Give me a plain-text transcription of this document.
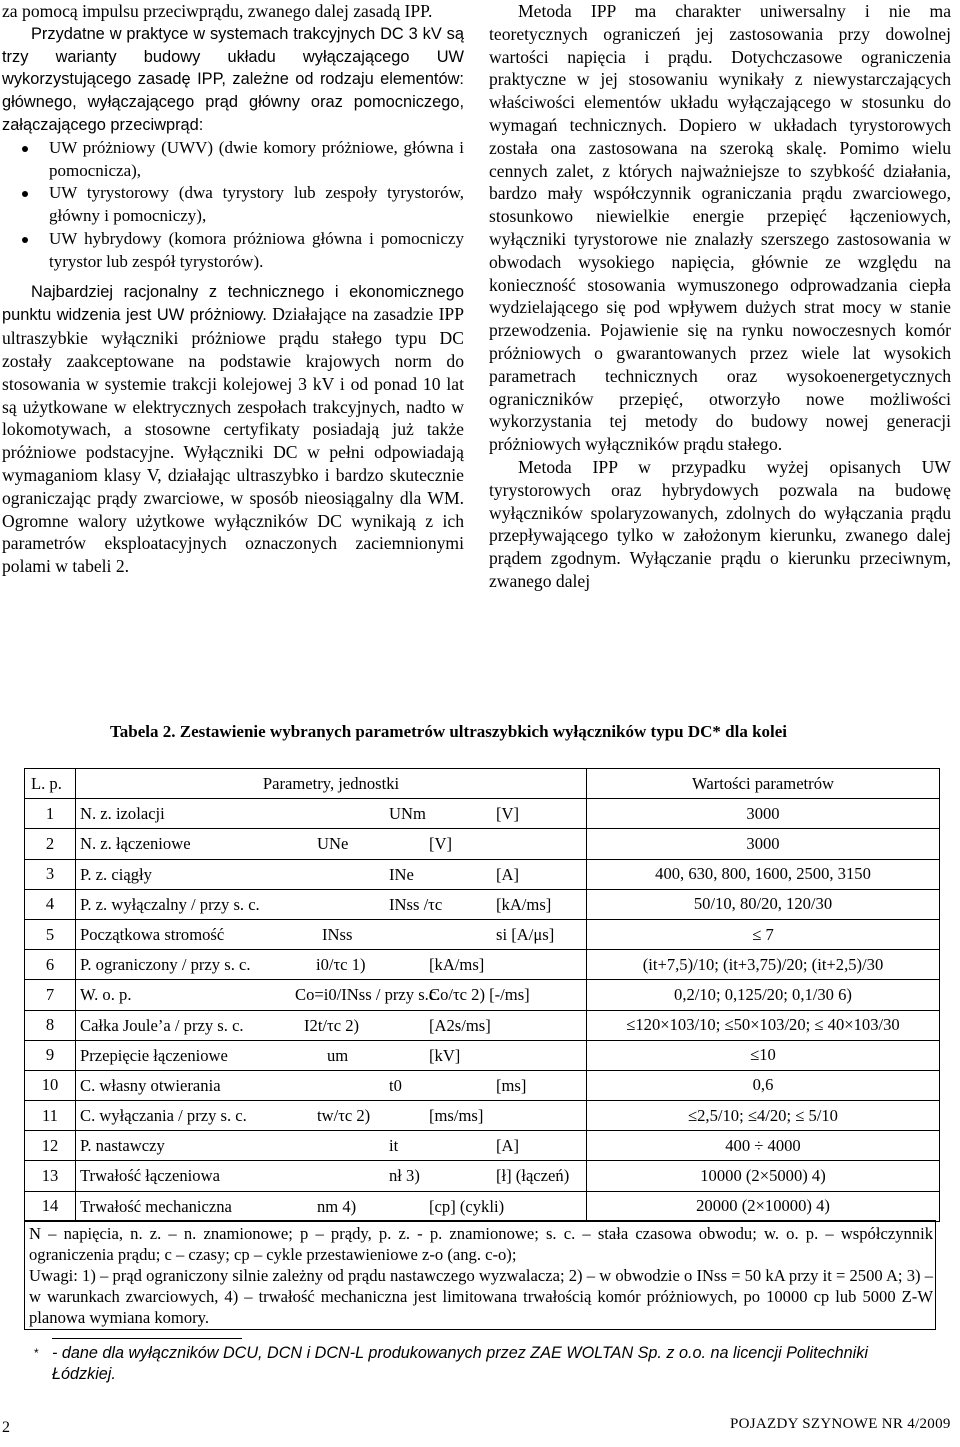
za pomocą impulsu przeciwprądu, zwanego dalej zasadą IPP.

Przydatne w praktyce w systemach trakcyjnych DC 3 kV są trzy warianty budowy układu wyłączającego UW wykorzystującego zasadę IPP, zależne od rodzaju elementów: głównego, wyłączającego prąd główny oraz pomocniczego, załączającego przeciwprąd:

UW próżniowy (UWV) (dwie komory próżniowe, główna i pomocnicza),
UW tyrystorowy (dwa tyrystory lub zespoły tyrystorów, główny i pomocniczy),
UW hybrydowy (komora próżniowa główna i pomocniczy tyrystor lub zespół tyrystorów).

Najbardziej racjonalny z technicznego i ekonomicznego punktu widzenia jest UW próżniowy. Działające na zasadzie IPP ultraszybkie wyłączniki próżniowe prądu stałego typu DC zostały zaakceptowane na podstawie krajowych norm do stosowania w systemie trakcji kolejowej 3 kV i od ponad 10 lat są użytkowane w elektrycznych zespołach trakcyjnych, nadto w lokomotywach, a stosowne certyfikaty posiadają już także próżniowe podstacyjne. Wyłączniki DC w pełni odpowiadają wymaganiom klasy V, działając ultraszybko i bardzo skutecznie ograniczając prądy zwarciowe, w sposób nieosiągalny dla WM. Ogromne walory użytkowe wyłączników DC wynikają z ich parametrów eksploatacyjnych oznaczonych zaciemnionymi polami w tabeli 2.

Metoda IPP ma charakter uniwersalny i nie ma teoretycznych ograniczeń jej zastosowania przy dowolnej wartości napięcia i prądu. Dotychczasowe ograniczenia praktyczne w jej stosowaniu wynikały z niewystarczających właściwości elementów układu wyłączającego w stosunku do wymagań technicznych. Dopiero w układach tyrystorowych została ona zastosowana na szeroką skalę. Pomimo wielu cennych zalet, z których najważniejsze to szybkość działania, bardzo mały współczynnik ograniczania prądu zwarciowego, stosunkowo niewielkie energie przepięć łączeniowych, wyłączniki tyrystorowe nie znalazły szerszego zastosowania w obwodach wysokiego napięcia, głównie ze względu na konieczność stosowania wymuszonego odprowadzania ciepła wydzielającego się pod wpływem dużych strat mocy w stanie przewodzenia. Pojawienie się na rynku nowoczesnych komór próżniowych o gwarantowanych przez wiele lat wysokich parametrach technicznych oraz wysokoenergetycznych ograniczników przepięć, otworzyło nowe możliwości wykorzystania tej metody do budowy nowej generacji próżniowych wyłączników prądu stałego.

Metoda IPP w przypadku wyżej opisanych UW tyrystorowych oraz hybrydowych pozwala na budowę wyłączników spolaryzowanych, zdolnych do wyłączania prądu przepływającego tylko w założonym kierunku, zwanego dalej prądem zgodnym. Wyłączanie prądu o kierunku przeciwnym, zwanego dalej

Tabela 2. Zestawienie wybranych parametrów ultraszybkich wyłączników typu DC* dla kolei
L. p.	Parametry, jednostki	Wartości parametrów
1	N. z. izolacji UNm [V]	3000
2	N. z. łączeniowe UNe [V]	3000
3	P. z. ciągły INe [A]	400, 630, 800, 1600, 2500, 3150
4	P. z. wyłączalny / przy s. c. INss /τc [kA/ms]	50/10, 80/20, 120/30
5	Początkowa stromość INss si [A/μs]	≤ 7
6	P. ograniczony / przy s. c. i0/τc 1) [kA/ms]	(it+7,5)/10; (it+3,75)/20; (it+2,5)/30
7	W. o. p. Co=i0/INss / przy s.c.
Co/τc 2) [-/ms]	0,2/10; 0,125/20; 0,1/30 6)
8	Całka Joule’a / przy s. c. I2t/τc 2) [A2s/ms]	≤120×103/10; ≤50×103/20; ≤ 40×103/30
9	Przepięcie łączeniowe um [kV]	≤10
10	C. własny otwierania t0 [ms]	0,6
11	C. wyłączania / przy s. c. tw/τc 2) [ms/ms]	≤2,5/10; ≤4/20; ≤ 5/10
12	P. nastawczy it [A]	400 ÷ 4000
13	Trwałość łączeniowa nł 3) [ł] (łączeń)	10000 (2×5000) 4)
14	Trwałość mechaniczna nm 4) [cp] (cykli)	20000 (2×10000) 4)

N – napięcia, n. z. – n. znamionowe; p – prądy, p. z. - p. znamionowe; s. c. – stała czasowa obwodu; w. o. p. – współczynnik ograniczenia prądu; c – czasy; cp – cykle przestawieniowe z-o (ang. c-o);

Uwagi: 1) – prąd ograniczony silnie zależny od prądu nastawczego wyzwalacza; 2) – w obwodzie o INss = 50 kA przy it = 2500 A; 3) – w warunkach zwarciowych, 4) – trwałość mechaniczna jest limitowana trwałością komór próżniowych, po 10000 cp lub 5000 Z-W planowa wymiana komory.

* - dane dla wyłączników DCU, DCN i DCN-L produkowanych przez ZAE WOLTAN Sp. z o.o. na licencji Politechniki Łódzkiej.
2	POJAZDY SZYNOWE NR 4/2009
